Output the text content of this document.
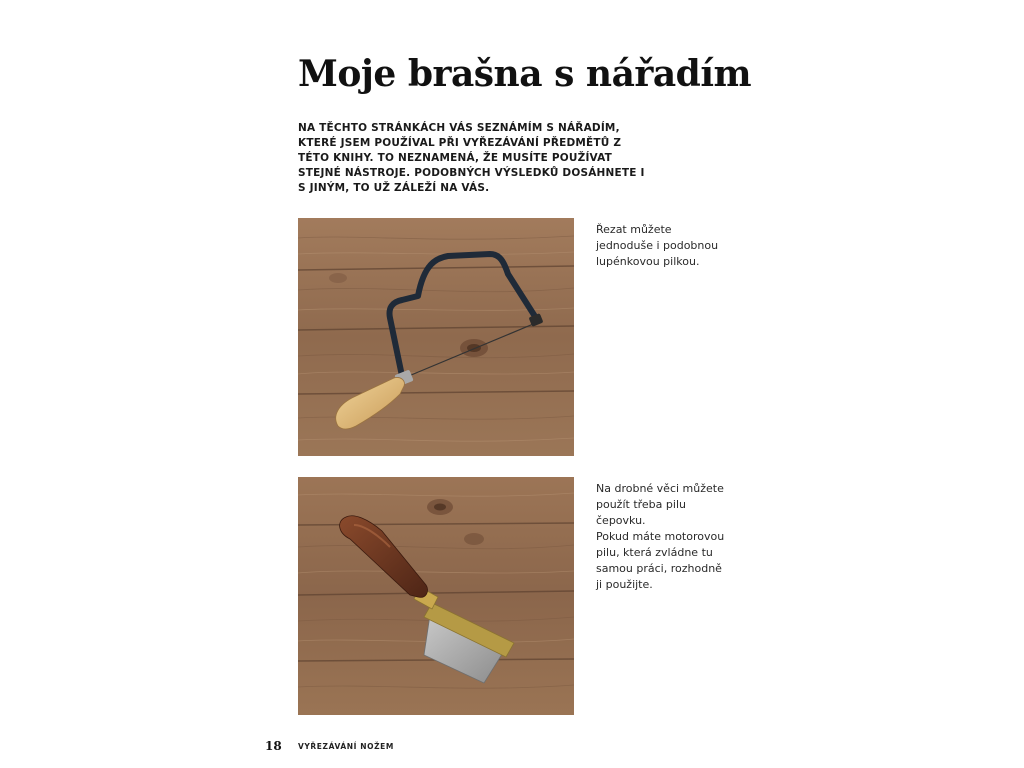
Moje brašna s nářadím

NA TĚCHTO STRÁNKÁCH VÁS SEZNÁMÍM S NÁŘADÍM, KTERÉ JSEM POUŽÍVAL PŘI VYŘEZÁVÁNÍ PŘEDMĚTŮ Z TÉTO KNIHY. TO NEZNAMENÁ, ŽE MUSÍTE POUŽÍVAT STEJNÉ NÁSTROJE. PODOBNÝCH VÝSLEDKŮ DOSÁHNETE I S JINÝM, TO UŽ ZÁLEŽÍ NA VÁS.

Řezat můžete jednoduše i podobnou lupénkovou pilkou.
Na drobné věci můžete použít třeba pilu čepovku.
Pokud máte motorovou pilu, která zvládne tu samou práci, rozhodně ji použijte.
18	VYŘEZÁVÁNÍ NOŽEM
